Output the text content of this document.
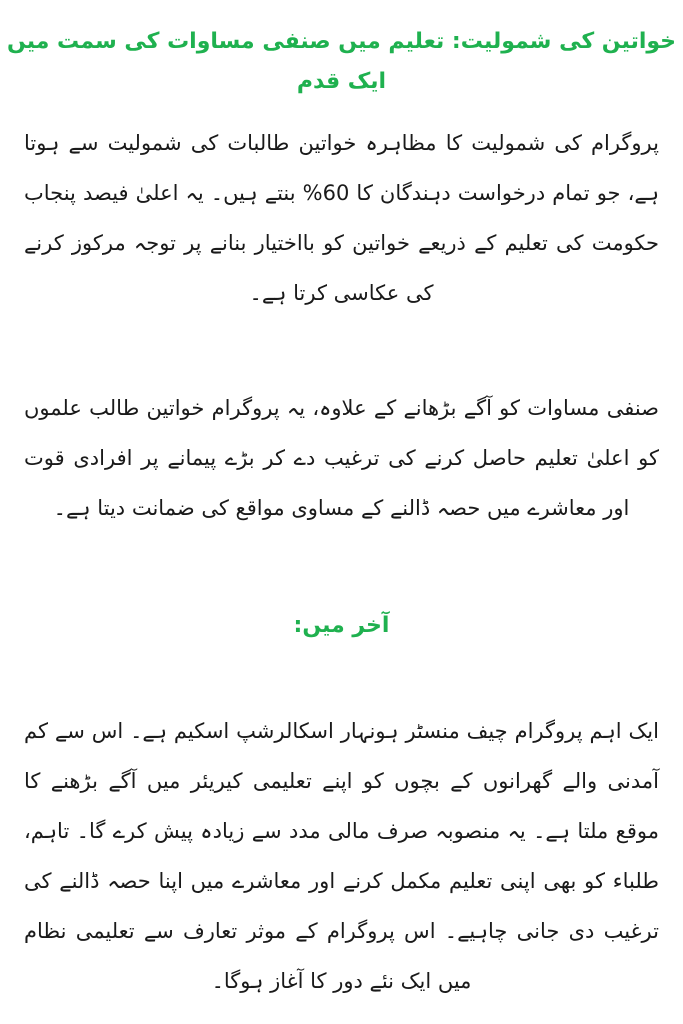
خواتین کی شمولیت: تعلیم میں صنفی مساوات کی سمت میں ایک قدم

پروگرام کی شمولیت کا مظاہرہ خواتین طالبات کی شمولیت سے ہوتا ہے، جو تمام درخواست دہندگان کا 60% بنتے ہیں۔ یہ اعلیٰ فیصد پنجاب حکومت کی تعلیم کے ذریعے خواتین کو بااختیار بنانے پر توجہ مرکوز کرنے کی عکاسی کرتا ہے۔

صنفی مساوات کو آگے بڑھانے کے علاوہ، یہ پروگرام خواتین طالب علموں کو اعلیٰ تعلیم حاصل کرنے کی ترغیب دے کر بڑے پیمانے پر افرادی قوت اور معاشرے میں حصہ ڈالنے کے مساوی مواقع کی ضمانت دیتا ہے۔

آخر میں:

ایک اہم پروگرام چیف منسٹر ہونہار اسکالرشپ اسکیم ہے۔ اس سے کم آمدنی والے گھرانوں کے بچوں کو اپنے تعلیمی کیریئر میں آگے بڑھنے کا موقع ملتا ہے۔ یہ منصوبہ صرف مالی مدد سے زیادہ پیش کرے گا۔ تاہم، طلباء کو بھی اپنی تعلیم مکمل کرنے اور معاشرے میں اپنا حصہ ڈالنے کی ترغیب دی جانی چاہیے۔ اس پروگرام کے موثر تعارف سے تعلیمی نظام میں ایک نئے دور کا آغاز ہوگا۔
